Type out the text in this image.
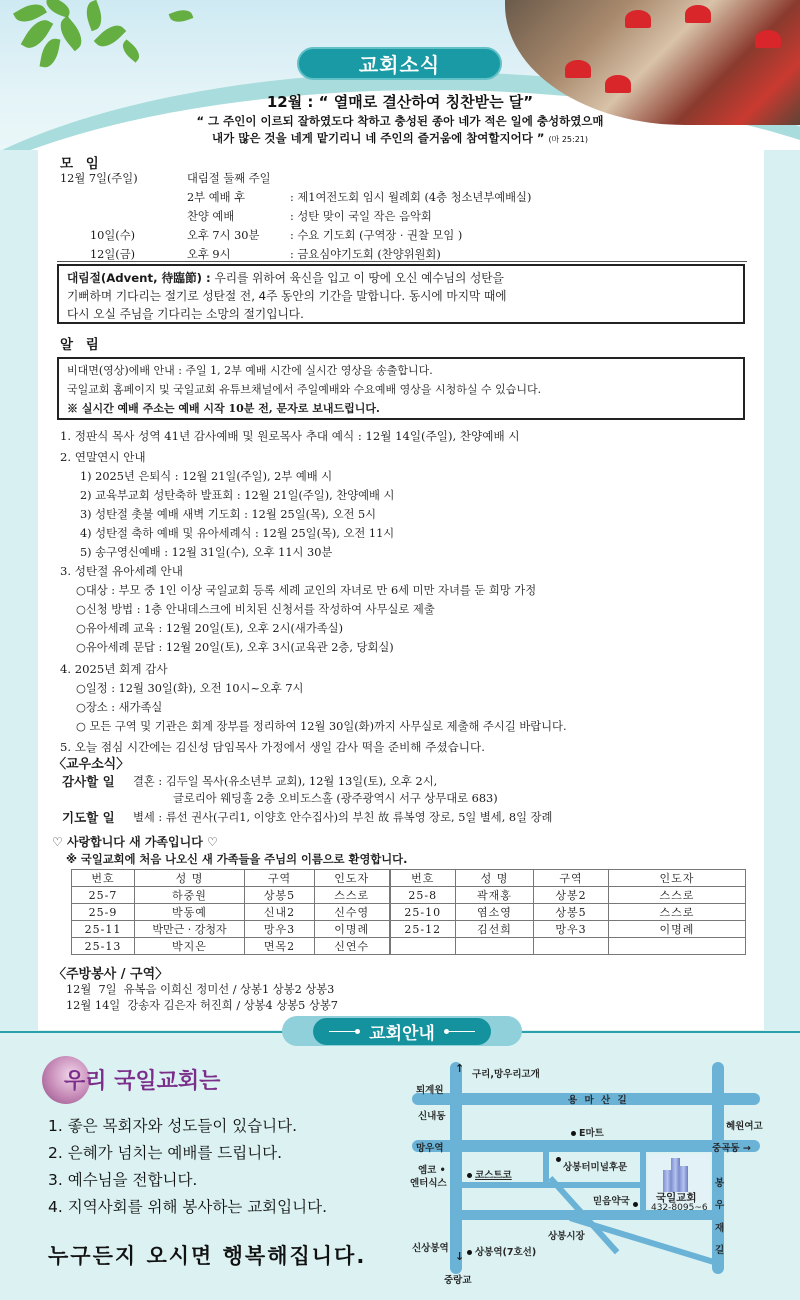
교회소식
12월 : “ 열매로 결산하여 칭찬받는 달”
“ 그 주인이 이르되 잘하였도다 착하고 충성된 종아 네가 적은 일에 충성하였으매
내가 많은 것을 네게 맡기리니 네 주인의 즐거움에 참여할지어다 ” (마 25:21)
모 임
12월 7일(주일)	대림절 둘째 주일
2부 예배 후	: 제1여전도회 임시 월례회 (4층 청소년부예배실)
찬양 예배	: 성탄 맞이 국일 작은 음악회
10일(수)	오후 7시 30분	: 수요 기도회 (구역장 · 권찰 모임 )
12일(금)	오후 9시	: 금요심야기도회 (찬양위원회)
대림절(Advent, 待臨節) : 우리를 위하여 육신을 입고 이 땅에 오신 예수님의 성탄을
기뻐하며 기다리는 절기로 성탄절 전, 4주 동안의 기간을 말합니다. 동시에 마지막 때에
다시 오실 주님을 기다리는 소망의 절기입니다.
알 림
비대면(영상)에배 안내 : 주일 1, 2부 예배 시간에 실시간 영상을 송출합니다.
국일교회 홈페이지 및 국일교회 유튜브채널에서 주일예배와 수요예배 영상을 시청하실 수 있습니다.
※ 실시간 예배 주소는 예배 시작 10분 전, 문자로 보내드립니다.
1. 정판식 목사 성역 41년 감사예배 및 원로목사 추대 예식 : 12월 14일(주일), 찬양예배 시
2. 연말연시 안내
1) 2025년 은퇴식 : 12월 21일(주일), 2부 예배 시
2) 교육부교회 성탄축하 발표회 : 12월 21일(주일), 찬양예배 시
3) 성탄절 촛불 예배 새벽 기도회 : 12월 25일(목), 오전 5시
4) 성탄절 축하 예배 및 유아세례식 : 12월 25일(목), 오전 11시
5) 송구영신예배 : 12월 31일(수), 오후 11시 30분
3. 성탄절 유아세례 안내
○대상 : 부모 중 1인 이상 국일교회 등록 세례 교인의 자녀로 만 6세 미만 자녀를 둔 희망 가정
○신청 방법 : 1층 안내데스크에 비치된 신청서를 작성하여 사무실로 제출
○유아세례 교육 : 12월 20일(토), 오후 2시(새가족실)
○유아세례 문답 : 12월 20일(토), 오후 3시(교육관 2층, 당회실)
4. 2025년 회계 감사
○일정 : 12월 30일(화), 오전 10시~오후 7시
○장소 : 새가족실
○ 모든 구역 및 기관은 회계 장부를 정리하여 12월 30일(화)까지 사무실로 제출해 주시길 바랍니다.
5. 오늘 점심 시간에는 김신성 담임목사 가정에서 생일 감사 떡을 준비해 주셨습니다.
〈교우소식〉
감사할 일 결혼 : 김두일 목사(유소년부 교회), 12월 13일(토), 오후 2시,
글로리아 웨딩홀 2층 오비도스홀 (광주광역시 서구 상무대로 683)
기도할 일 별세 : 류선 권사(구리1, 이양호 안수집사)의 부친 故 류복영 장로, 5일 별세, 8일 장례
♡ 사랑합니다 새 가족입니다 ♡
※ 국일교회에 처음 나오신 새 가족들을 주님의 이름으로 환영합니다.
번호	성 명	구역	인도자	번호	성 명	구역	인도자
25-7	하중원	상봉5	스스로	25-8	곽재홍	상봉2	스스로
25-9	박동예	신내2	신수영	25-10	염소영	상봉5	스스로
25-11	박만근 · 강청자	망우3	이명례	25-12	김선희	망우3	이명례
25-13	박지은	면목2	신연수				
〈주방봉사 / 구역〉
12월  7일  유복음 이희신 정미선 / 상봉1 상봉2 상봉3
12월 14일  강송자 김은자 허진희 / 상봉4 상봉5 상봉7
교회안내
우리 국일교회는
1. 좋은 목회자와 성도들이 있습니다.
2. 은혜가 넘치는 예배를 드립니다.
3. 예수님을 전합니다.
4. 지역사회를 위해 봉사하는 교회입니다.
누구든지 오시면 행복해집니다.
구리,망우리고개
↑
퇴계원
용 마 산 길
신내동
혜원여고
E마트
망우역	중곡동 →
엠코 •
엔터식스
코스트코
상봉터미널후문
믿음약국	국일교회
432-8095~6
봉
우
재
길
상봉시장
신상봉역	상봉역(7호선)
↓
중랑교
